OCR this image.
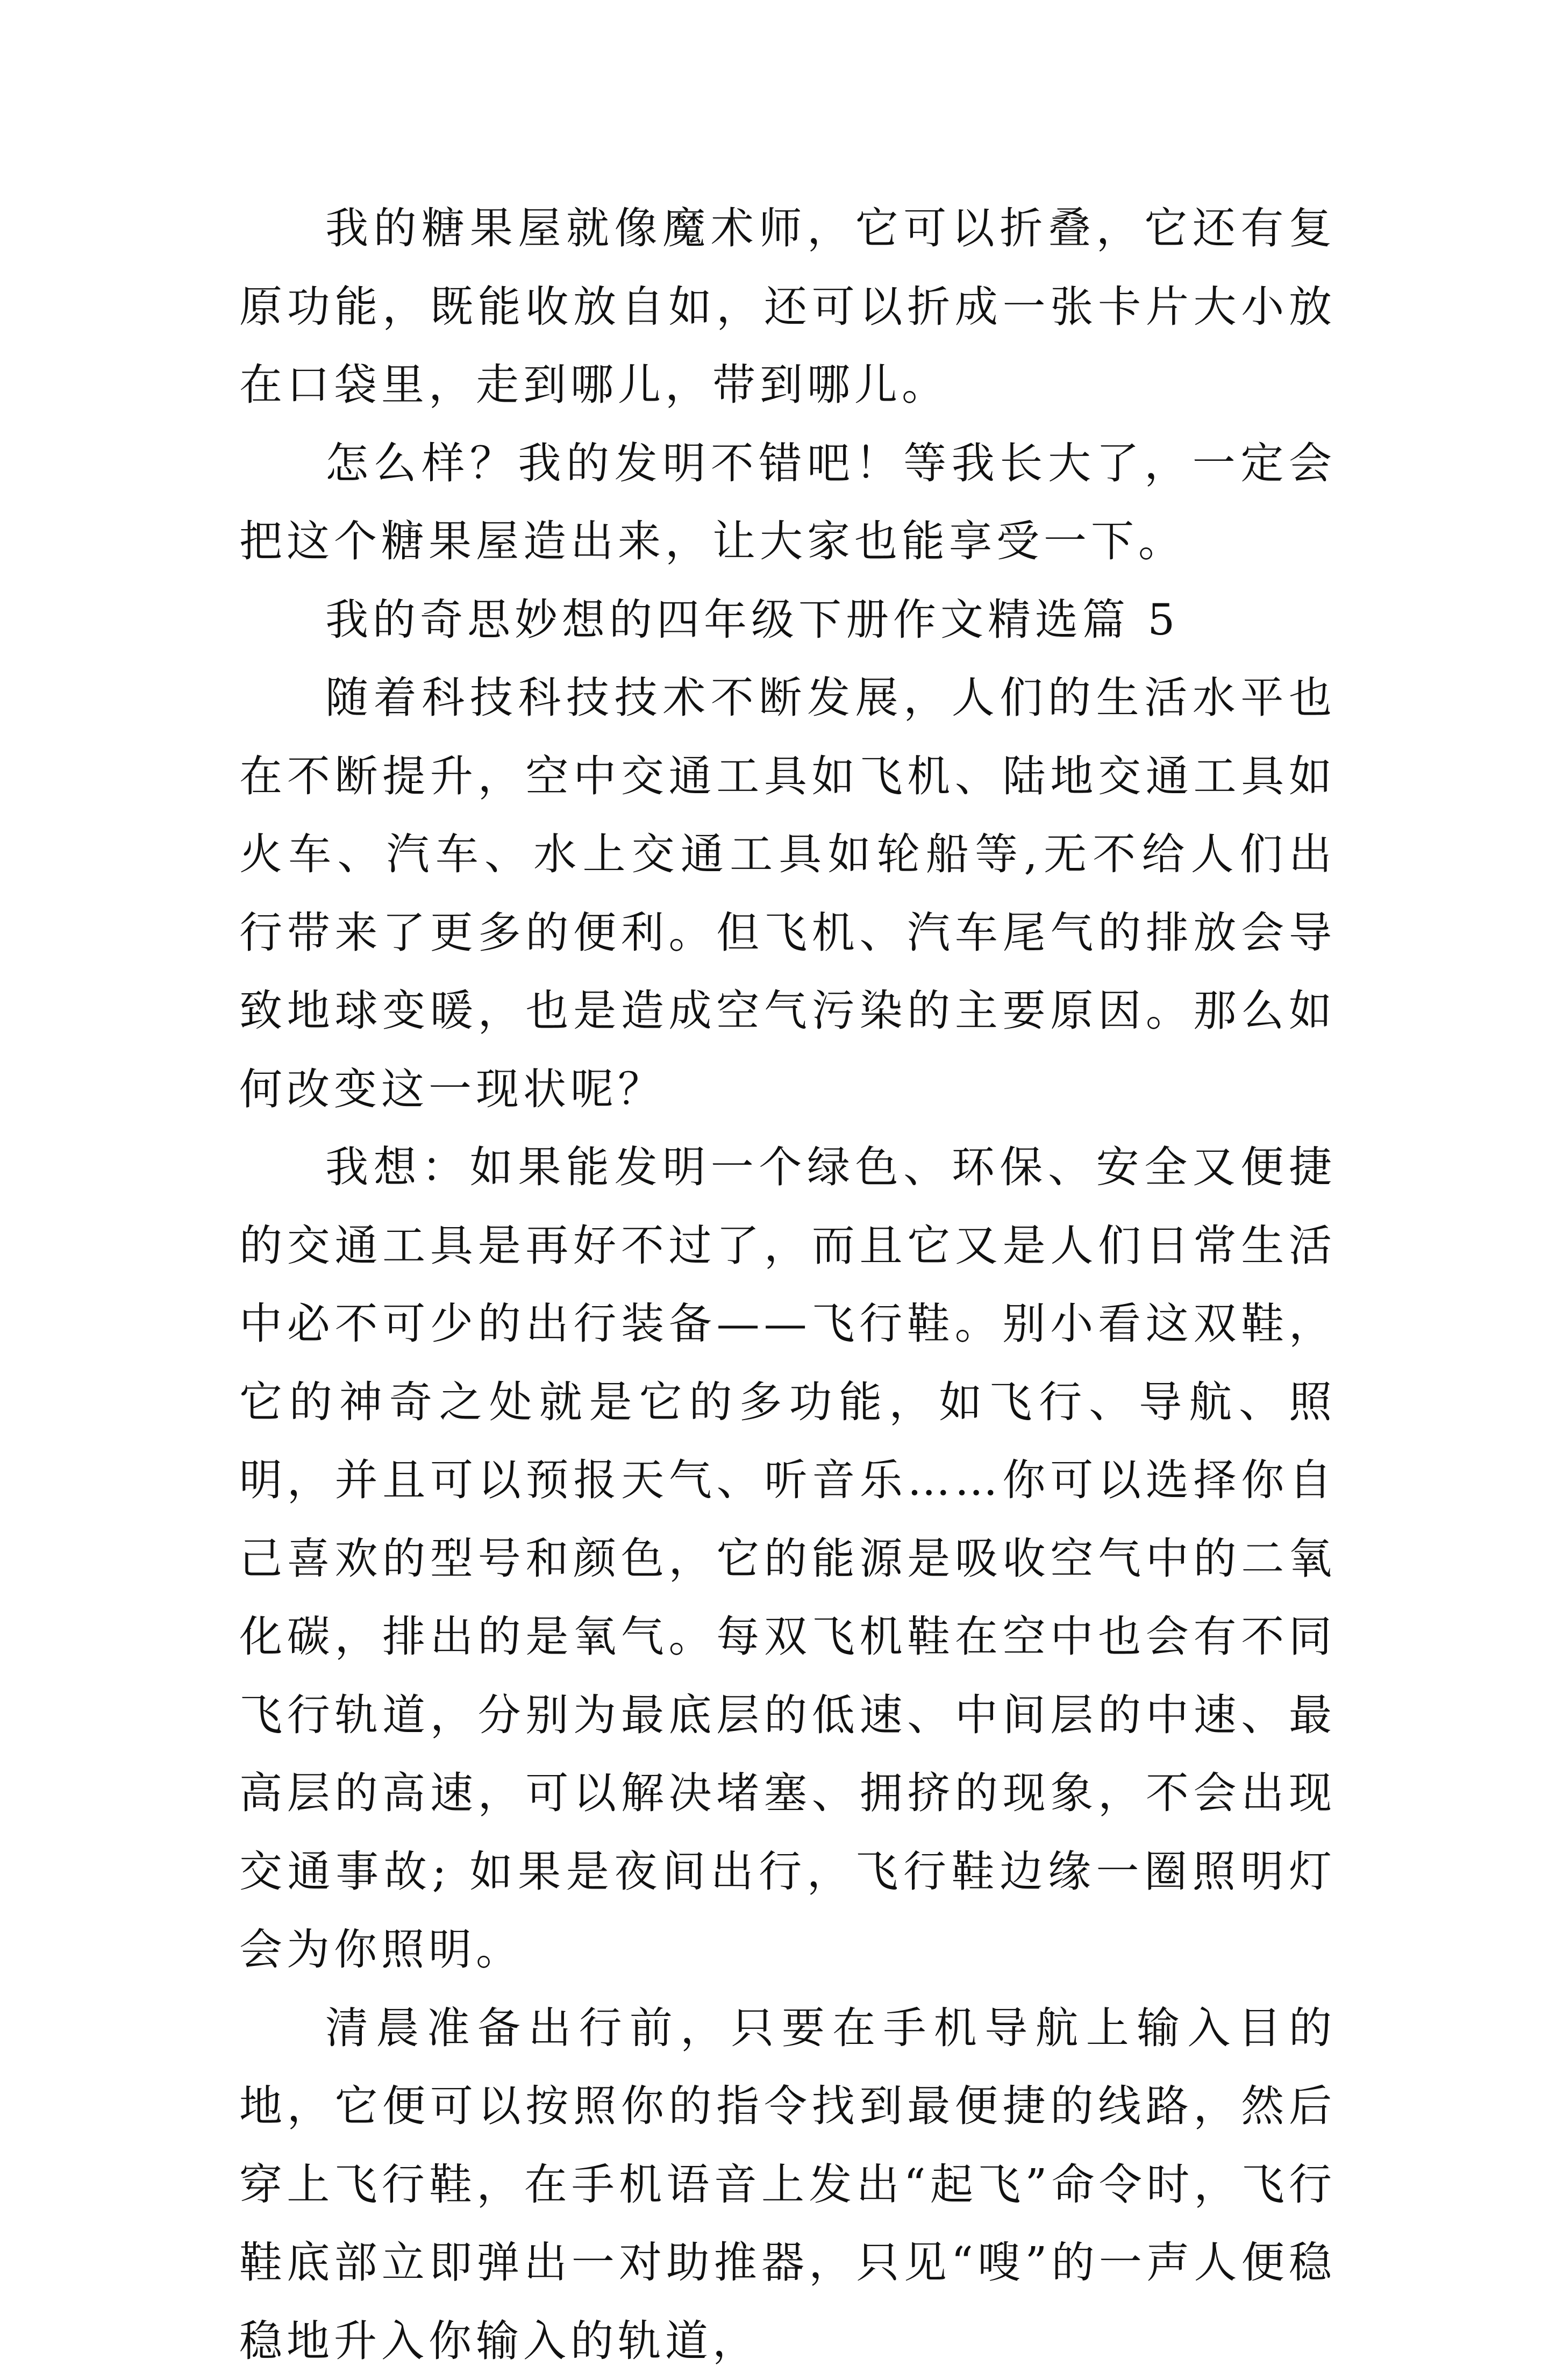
我的糖果屋就像魔术师，它可以折叠，它还有复原功能，既能收放自如，还可以折成一张卡片大小放在口袋里，走到哪儿，带到哪儿。

怎么样？我的发明不错吧！等我长大了，一定会把这个糖果屋造出来，让大家也能享受一下。

我的奇思妙想的四年级下册作文精选篇 5

随着科技科技技术不断发展，人们的生活水平也在不断提升，空中交通工具如飞机、陆地交通工具如火车、汽车、水上交通工具如轮船等,无不给人们出行带来了更多的便利。但飞机、汽车尾气的排放会导致地球变暖，也是造成空气污染的主要原因。那么如何改变这一现状呢？

我想：如果能发明一个绿色、环保、安全又便捷的交通工具是再好不过了，而且它又是人们日常生活中必不可少的出行装备——飞行鞋。别小看这双鞋，它的神奇之处就是它的多功能，如飞行、导航、照明，并且可以预报天气、听音乐……你可以选择你自己喜欢的型号和颜色，它的能源是吸收空气中的二氧化碳，排出的是氧气。每双飞机鞋在空中也会有不同飞行轨道，分别为最底层的低速、中间层的中速、最高层的高速，可以解决堵塞、拥挤的现象，不会出现交通事故; 如果是夜间出行，飞行鞋边缘一圈照明灯会为你照明。

清晨准备出行前，只要在手机导航上输入目的地，它便可以按照你的指令找到最便捷的线路，然后穿上飞行鞋，在手机语音上发出“起飞”命令时，飞行鞋底部立即弹出一对助推器，只见“嗖”的一声人便稳稳地升入你输入的轨道，
